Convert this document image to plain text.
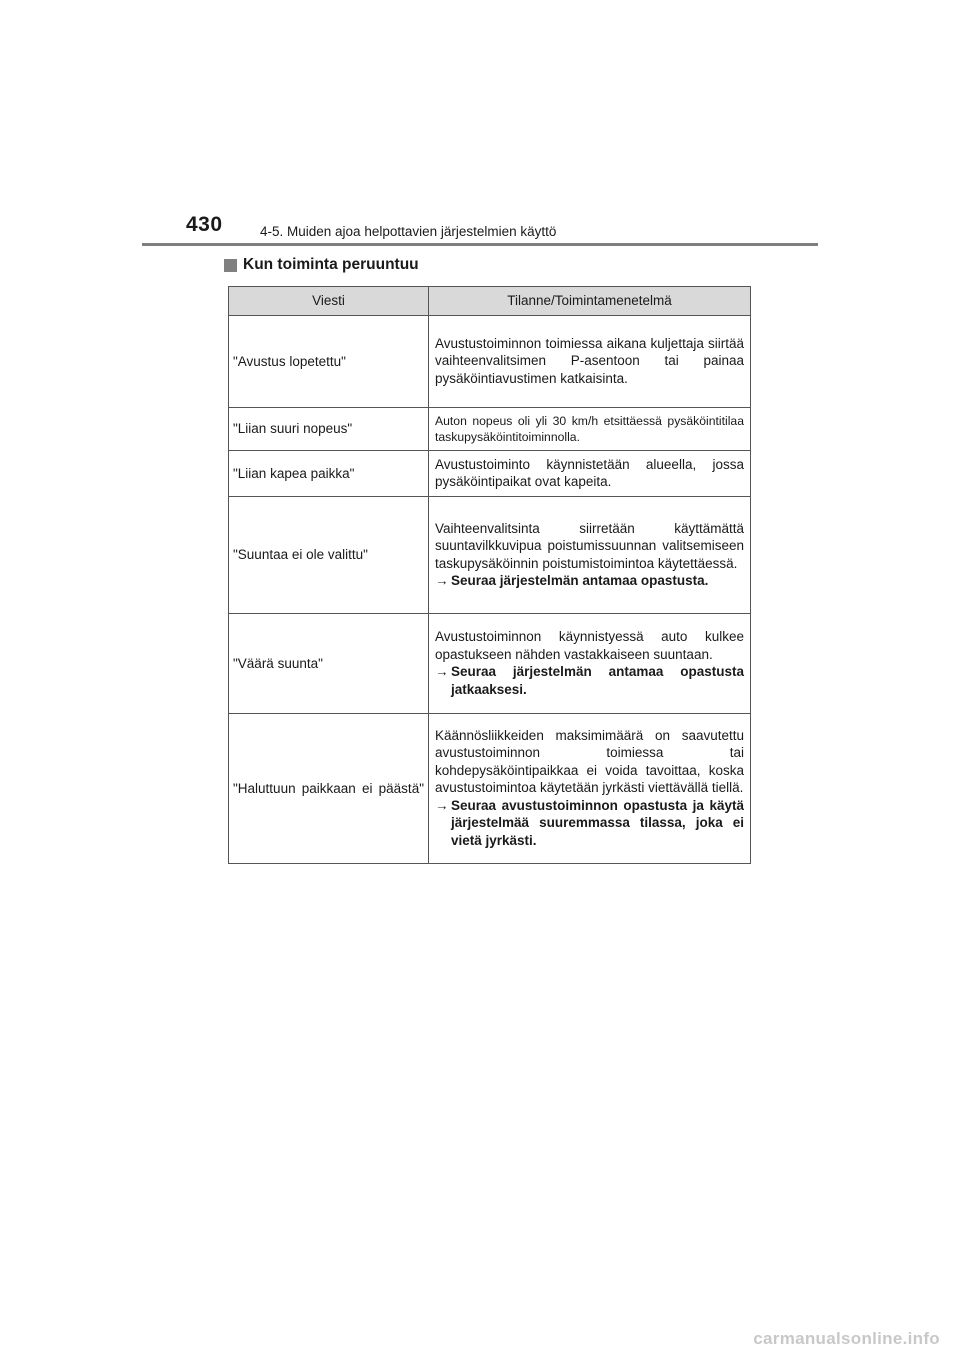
430	4-5. Muiden ajoa helpottavien järjestelmien käyttö
Kun toiminta peruuntuu
Viesti	Tilanne/Toimintamenetelmä
"Avustus lopetettu"	Avustustoiminnon toimiessa aikana kuljettaja siirtää vaihteenvalitsimen P-asentoon tai painaa pysäköintiavustimen katkaisinta.

"Liian suuri nopeus"	Auton nopeus oli yli 30 km/h etsittäessä pysäköintitilaa taskupysäköintitoiminnolla.

"Liian kapea paikka"	Avustustoiminto käynnistetään alueella, jossa pysäköintipaikat ovat kapeita.

"Suuntaa ei ole valittu"	Vaihteenvalitsinta siirretään käyttämättä suuntavilkkuvipua poistumissuunnan valitsemiseen taskupysäköinnin poistumistoimintoa käytettäessä.
→ Seuraa järjestelmän antamaa opastusta.

"Väärä suunta"	Avustustoiminnon käynnistyessä auto kulkee opastukseen nähden vastakkaiseen suuntaan.
→ Seuraa järjestelmän antamaa opastusta jatkaaksesi.

"Haluttuun paikkaan ei päästä"	Käännösliikkeiden maksimimäärä on saavutettu avustustoiminnon toimiessa tai kohdepysäköintipaikkaa ei voida tavoittaa, koska avustustoimintoa käytetään jyrkästi viettävällä tiellä.
→ Seuraa avustustoiminnon opastusta ja käytä järjestelmää suuremmassa tilassa, joka ei vietä jyrkästi.
carmanualsonline.info
